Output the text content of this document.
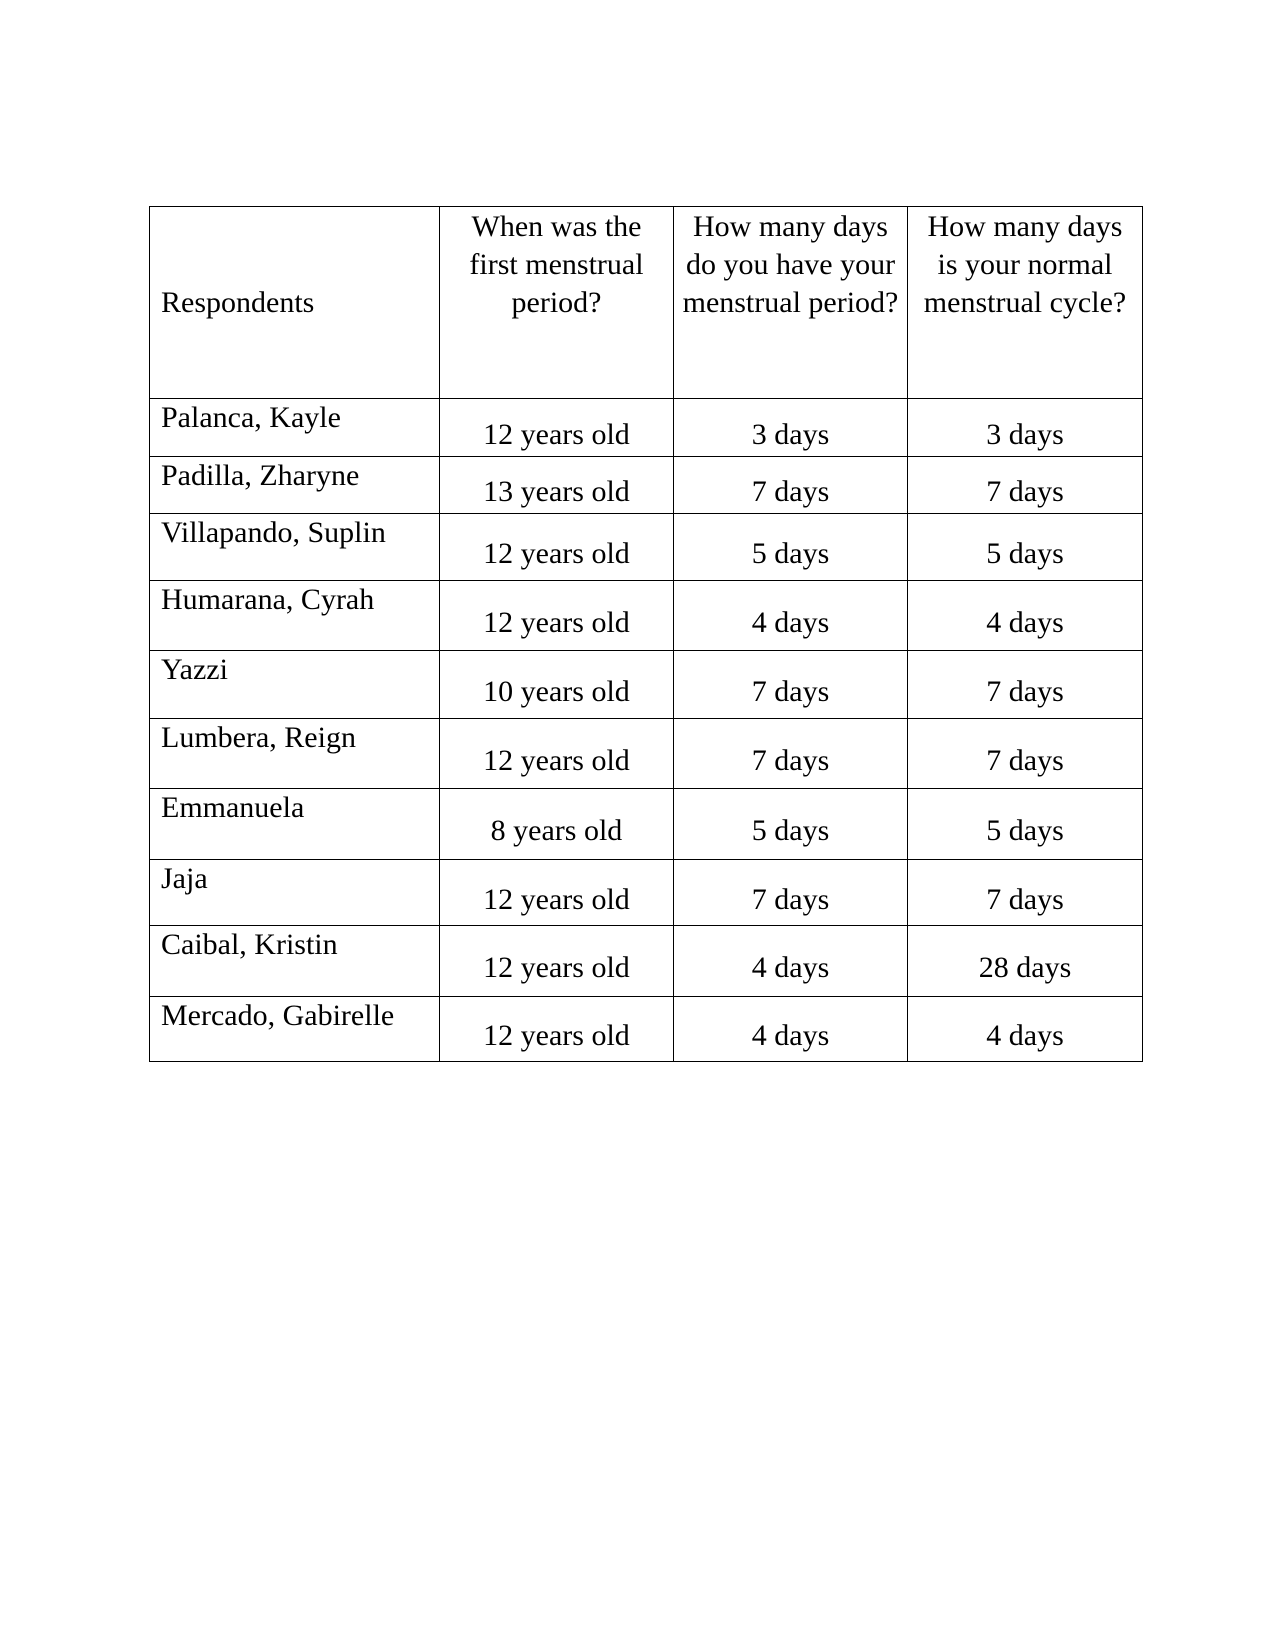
Respondents	When was the first menstrual period?	How many days do you have your menstrual period?	How many days is your normal menstrual cycle?

Palanca, Kayle	12 years old	3 days	3 days
Padilla, Zharyne	13 years old	7 days	7 days
Villapando, Suplin	12 years old	5 days	5 days
Humarana, Cyrah	12 years old	4 days	4 days
Yazzi	10 years old	7 days	7 days
Lumbera, Reign	12 years old	7 days	7 days
Emmanuela	8 years old	5 days	5 days
Jaja	12 years old	7 days	7 days
Caibal, Kristin	12 years old	4 days	28 days
Mercado, Gabirelle	12 years old	4 days	4 days
